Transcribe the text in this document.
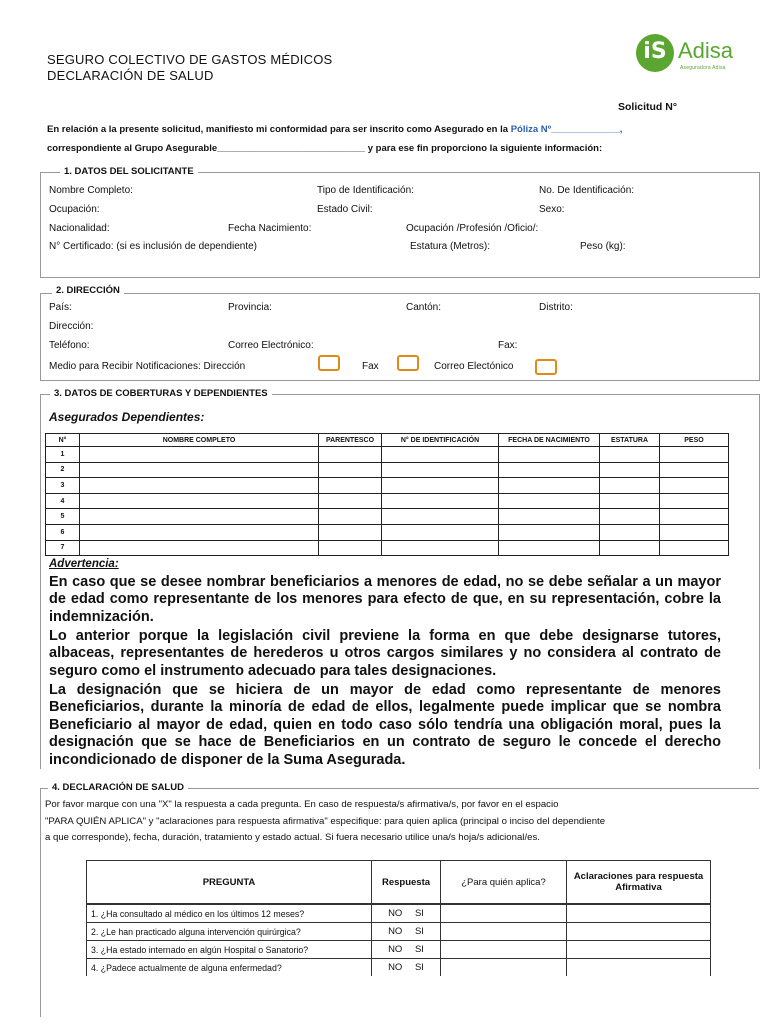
SEGURO COLECTIVO DE GASTOS MÉDICOS
DECLARACIÓN DE SALUD
iS Adisa
Aseguradora Adisa
Solicitud N°
En relación a la presente solicitud, manifiesto mi conformidad para ser inscrito como Asegurado en la Póliza Nº_____________,
correspondiente al Grupo Asegurable____________________________ y para ese fin proporciono la siguiente información:
1. DATOS DEL SOLICITANTE
Nombre Completo:	Tipo de Identificación:	No. De Identificación:
Ocupación:	Estado Civil:	Sexo:
Nacionalidad:	Fecha Nacimiento:	Ocupación /Profesión /Oficio/:
N° Certificado: (si es inclusión de dependiente)	Estatura (Metros):	Peso (kg):
2. DIRECCIÓN
País:	Provincia:	Cantón:	Distrito:
Dirección:
Teléfono:	Correo Electrónico:	Fax:
Medio para Recibir Notificaciones: Dirección	Fax	Correo Electónico
3. DATOS DE COBERTURAS Y DEPENDIENTES
Asegurados Dependientes:
N°	NOMBRE COMPLETO	PARENTESCO	N° DE IDENTIFICACIÓN	FECHA DE NACIMIENTO	ESTATURA	PESO
1						
2						
3						
4						
5						
6						
7						
Advertencia:
En caso que se desee nombrar beneficiarios a menores de edad, no se debe señalar a un mayor de edad como representante de los menores para efecto de que, en su representación, cobre la indemnización.
Lo anterior porque la legislación civil previene la forma en que debe designarse tutores, albaceas, representantes de herederos u otros cargos similares y no considera al contrato de seguro como el instrumento adecuado para tales designaciones.
La designación que se hiciera de un mayor de edad como representante de menores Beneficiarios, durante la minoría de edad de ellos, legalmente puede implicar que se nombra Beneficiario al mayor de edad, quien en todo caso sólo tendría una obligación moral, pues la designación que se hace de Beneficiarios en un contrato de seguro le concede el derecho incondicionado de disponer de la Suma Asegurada.
4. DECLARACIÓN DE SALUD
Por favor marque con una "X" la respuesta a cada pregunta. En caso de respuesta/s afirmativa/s, por favor en el espacio
"PARA QUIÉN APLICA" y "aclaraciones para respuesta afirmativa" especifique: para quien aplica (principal o inciso del dependiente
a que corresponde), fecha, duración, tratamiento y estado actual. Si fuera necesario utilice una/s hoja/s adicional/es.
PREGUNTA	Respuesta	¿Para quién aplica?	Aclaraciones para respuesta Afirmativa
1. ¿Ha consultado al médico en los últimos 12 meses?	NO SI		
2. ¿Le han practicado alguna intervención quirúrgica?	NO SI		
3. ¿Ha estado internado en algún Hospital o Sanatorio?	NO SI		
4. ¿Padece actualmente de alguna enfermedad?	NO SI		
